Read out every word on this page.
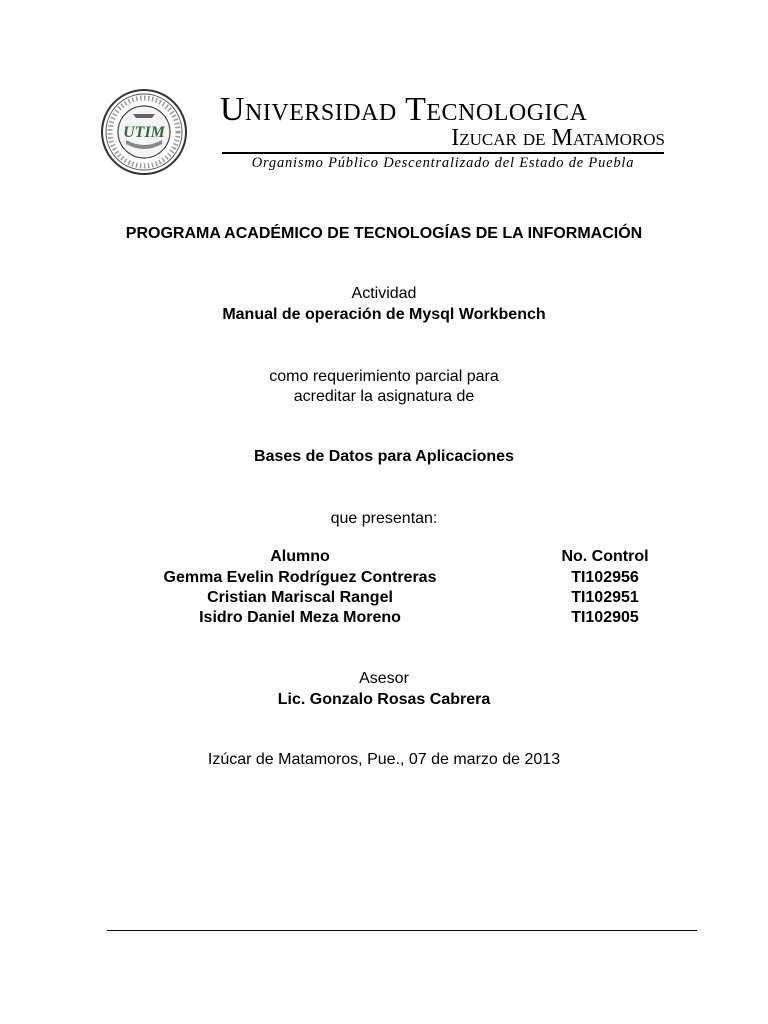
UTIM
Universidad Tecnologica
Izucar de Matamoros
Organismo Público Descentralizado del Estado de Puebla
PROGRAMA ACADÉMICO DE TECNOLOGÍAS DE LA INFORMACIÓN
Actividad
Manual de operación de Mysql Workbench
como requerimiento parcial para
acreditar la asignatura de
Bases de Datos para Aplicaciones
que presentan:
Alumno	No. Control
Gemma Evelin Rodríguez Contreras	TI102956
Cristian Mariscal Rangel	TI102951
Isidro Daniel Meza Moreno	TI102905
Asesor
Lic. Gonzalo Rosas Cabrera
Izúcar de Matamoros, Pue., 07 de marzo de 2013
